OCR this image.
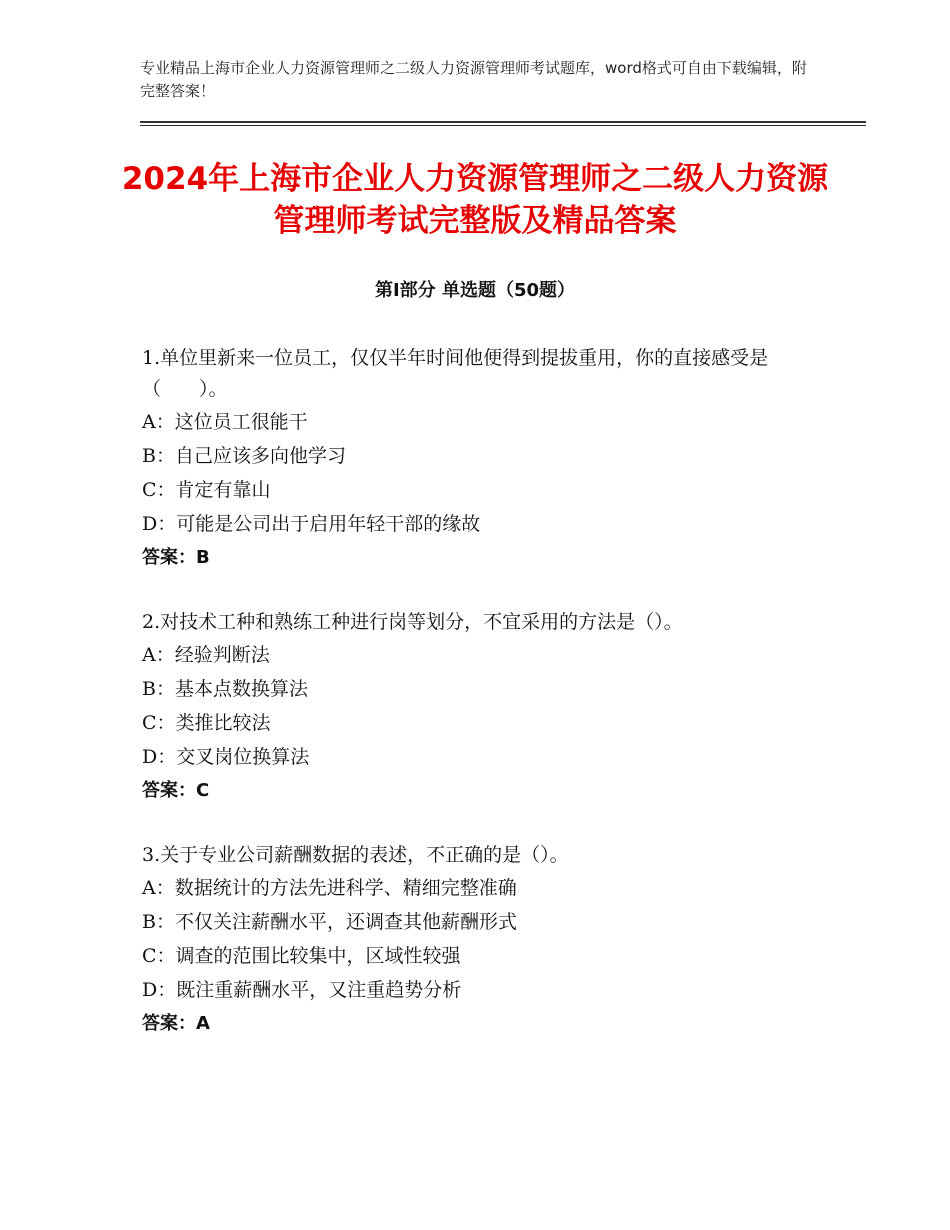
专业精品上海市企业人力资源管理师之二级人力资源管理师考试题库，word格式可自由下载编辑，附完整答案！
2024年上海市企业人力资源管理师之二级人力资源管理师考试完整版及精品答案
第Ⅰ部分 单选题（50题）

1.单位里新来一位员工，仅仅半年时间他便得到提拔重用，你的直接感受是（　　）。

A：这位员工很能干

B：自己应该多向他学习

C：肯定有靠山

D：可能是公司出于启用年轻干部的缘故

答案：B

2.对技术工种和熟练工种进行岗等划分，不宜采用的方法是（）。

A：经验判断法

B：基本点数换算法

C：类推比较法

D：交叉岗位换算法

答案：C

3.关于专业公司薪酬数据的表述，不正确的是（）。

A：数据统计的方法先进科学、精细完整准确

B：不仅关注薪酬水平，还调查其他薪酬形式

C：调查的范围比较集中，区域性较强

D：既注重薪酬水平，又注重趋势分析

答案：A
